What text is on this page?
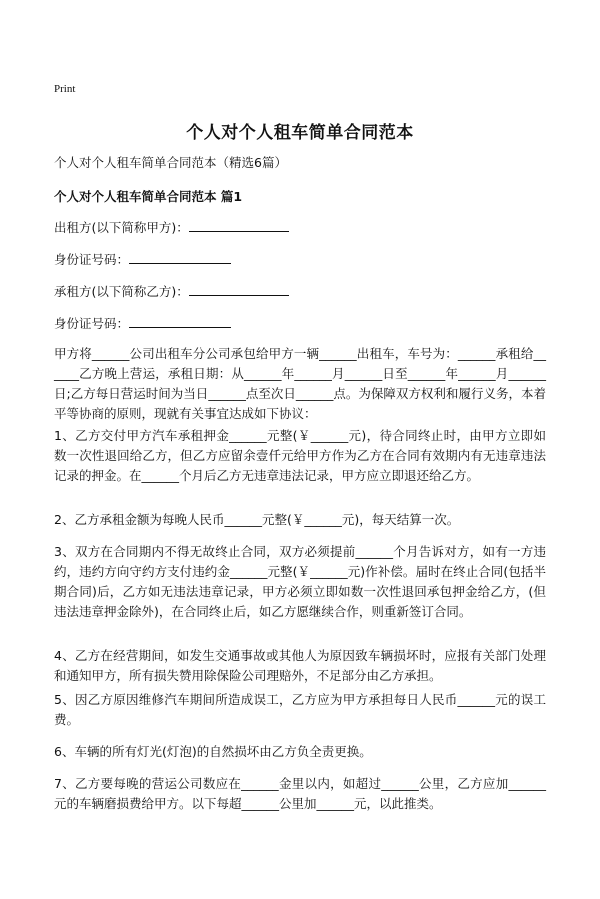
Print
个人对个人租车简单合同范本
个人对个人租车简单合同范本（精选6篇）
个人对个人租车简单合同范本 篇1
出租方(以下简称甲方)：
身份证号码：
承租方(以下简称乙方)：
身份证号码：
甲方将______公司出租车分公司承包给甲方一辆______出租车，车号为：______承租给______乙方晚上营运，承租日期：从______年______月______日至______年______月______日;乙方每日营运时间为当日______点至次日______点。为保障双方权利和履行义务，本着平等协商的原则，现就有关事宜达成如下协议：
1、乙方交付甲方汽车承租押金______元整(￥______元)，待合同终止时，由甲方立即如数一次性退回给乙方，但乙方应留余壹仟元给甲方作为乙方在合同有效期内有无违章违法记录的押金。在______个月后乙方无违章违法记录，甲方应立即退还给乙方。
2、乙方承租金额为每晚人民币______元整(￥______元)，每天结算一次。
3、双方在合同期内不得无故终止合同，双方必须提前______个月告诉对方，如有一方违约，违约方向守约方支付违约金______元整(￥______元)作补偿。届时在终止合同(包括半期合同)后，乙方如无违法违章记录，甲方必须立即如数一次性退回承包押金给乙方，(但违法违章押金除外)，在合同终止后，如乙方愿继续合作，则重新签订合同。
4、乙方在经营期间，如发生交通事故或其他人为原因致车辆损坏时，应报有关部门处理和通知甲方，所有损失赞用除保险公司理赔外，不足部分由乙方承担。
5、因乙方原因维修汽车期间所造成误工，乙方应为甲方承担每日人民币______元的误工费。
6、车辆的所有灯光(灯泡)的自然损坏由乙方负全责更换。
7、乙方要每晚的营运公司数应在______金里以内，如超过______公里，乙方应加______元的车辆磨损费给甲方。以下每超______公里加______元，以此推类。
